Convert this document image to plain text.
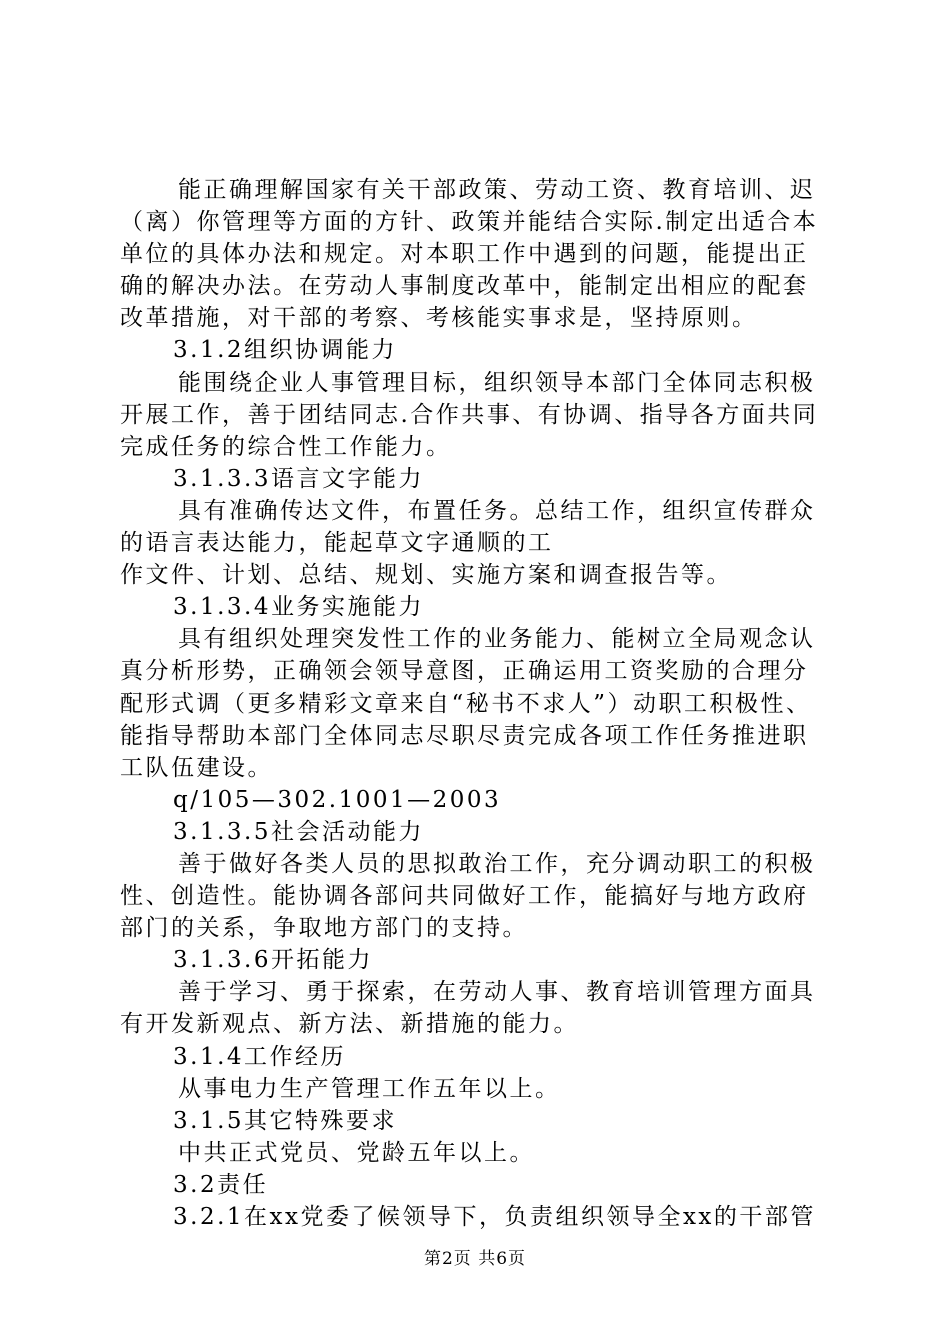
能正确理解国家有关干部政策、劳动工资、教育培训、迟
（离）你管理等方面的方针、政策并能结合实际.制定出适合本
单位的具体办法和规定。对本职工作中遇到的问题，能提出正
确的解决办法。在劳动人事制度改革中，能制定出相应的配套
改革措施，对干部的考察、考核能实事求是，坚持原则。
3.1.2组织协调能力
能围绕企业人事管理目标，组织领导本部门全体同志积极
开展工作，善于团结同志.合作共事、有协调、指导各方面共同
完成任务的综合性工作能力。
3.1.3.3语言文字能力
具有准确传达文件，布置任务。总结工作，组织宣传群众
的语言表达能力，能起草文字通顺的工
作文件、计划、总结、规划、实施方案和调查报告等。
3.1.3.4业务实施能力
具有组织处理突发性工作的业务能力、能树立全局观念认
真分析形势，正确领会领导意图，正确运用工资奖励的合理分
配形式调（更多精彩文章来自“秘书不求人”）动职工积极性、
能指导帮助本部门全体同志尽职尽责完成各项工作任务推进职
工队伍建设。
q/105—302.1001—2003
3.1.3.5社会活动能力
善于做好各类人员的思拟敢治工作，充分调动职工的积极
性、创造性。能协调各部问共同做好工作，能搞好与地方政府
部门的关系，争取地方部门的支持。
3.1.3.6开拓能力
善于学习、勇于探索，在劳动人事、教育培训管理方面具
有开发新观点、新方法、新措施的能力。
3.1.4工作经历
从事电力生产管理工作五年以上。
3.1.5其它特殊要求
中共正式党员、党龄五年以上。
3.2责任
3.2.1在xx党委了候领导下，负责组织领导全xx的干部管
第2页 共6页
